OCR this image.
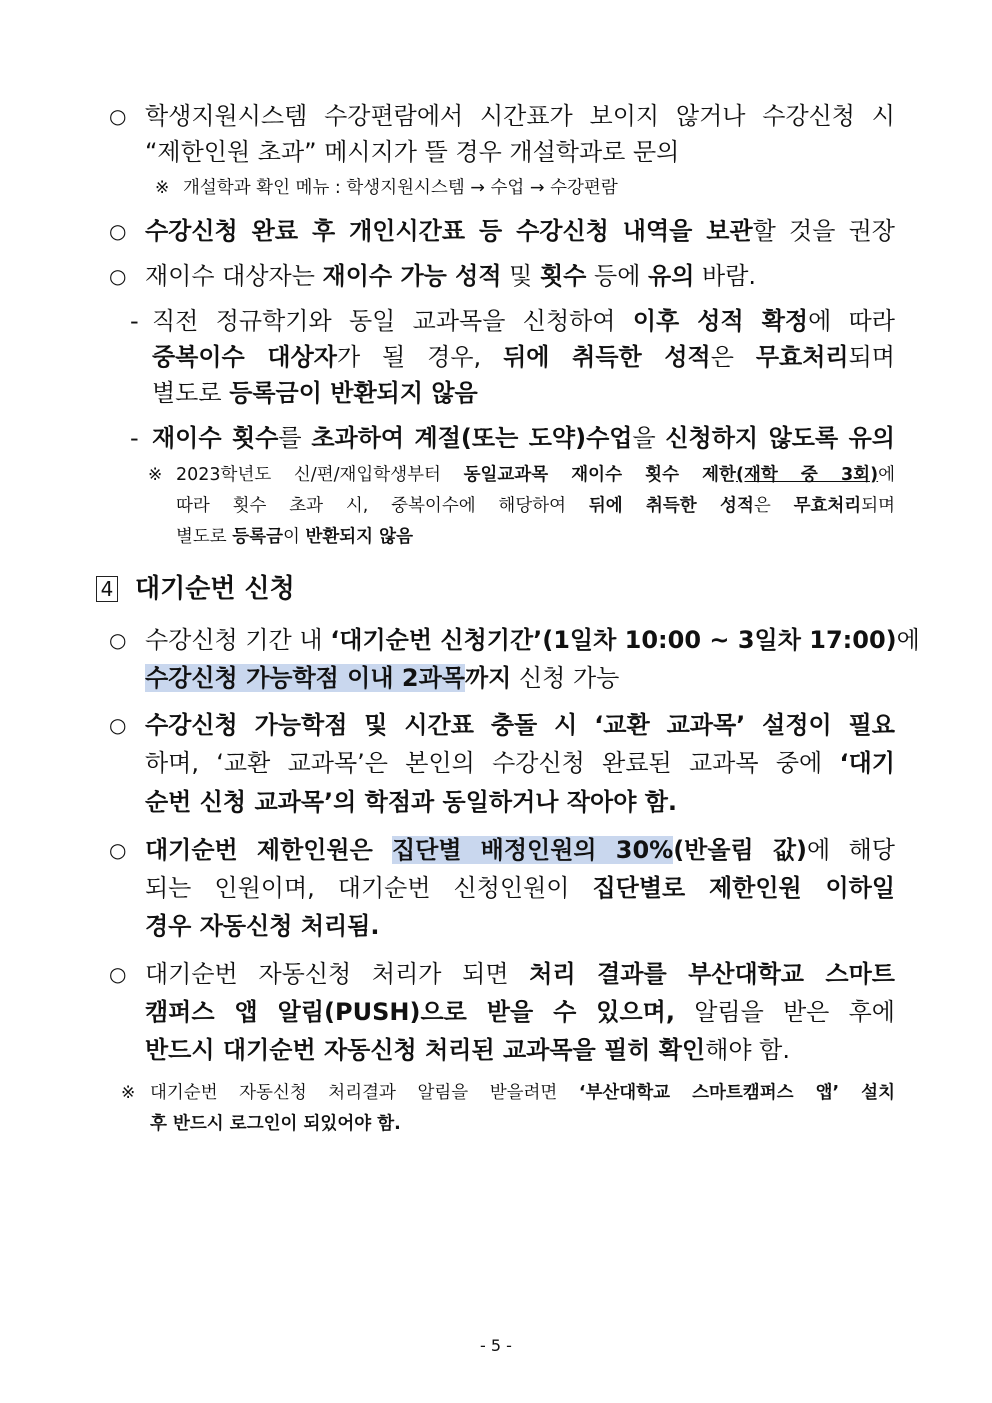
○ 학생지원시스템 수강편람에서 시간표가 보이지 않거나 수강신청 시
“제한인원 초과” 메시지가 뜰 경우 개설학과로 문의
※ 개설학과 확인 메뉴 : 학생지원시스템 → 수업 → 수강편람
○ 수강신청 완료 후 개인시간표 등 수강신청 내역을 보관할 것을 권장
○ 재이수 대상자는 재이수 가능 성적 및 횟수 등에 유의 바람.
- 직전 정규학기와 동일 교과목을 신청하여 이후 성적 확정에 따라
중복이수 대상자가 될 경우, 뒤에 취득한 성적은 무효처리되며
별도로 등록금이 반환되지 않음
- 재이수 횟수를 초과하여 계절(또는 도약)수업을 신청하지 않도록 유의
※ 2023학년도 신/편/재입학생부터 동일교과목 재이수 횟수 제한(재학 중 3회)에
따라 횟수 초과 시, 중복이수에 해당하여 뒤에 취득한 성적은 무효처리되며
별도로 등록금이 반환되지 않음
4 대기순번 신청
○ 수강신청 기간 내 ‘대기순번 신청기간’(1일차 10:00 ~ 3일차 17:00)에
수강신청 가능학점 이내 2과목까지 신청 가능
○ 수강신청 가능학점 및 시간표 충돌 시 ‘교환 교과목’ 설정이 필요
하며, ‘교환 교과목’은 본인의 수강신청 완료된 교과목 중에 ‘대기
순번 신청 교과목’의 학점과 동일하거나 작아야 함.
○ 대기순번 제한인원은 집단별 배정인원의 30%(반올림 값)에 해당
되는 인원이며, 대기순번 신청인원이 집단별로 제한인원 이하일
경우 자동신청 처리됨.
○ 대기순번 자동신청 처리가 되면 처리 결과를 부산대학교 스마트
캠퍼스 앱 알림(PUSH)으로 받을 수 있으며, 알림을 받은 후에
반드시 대기순번 자동신청 처리된 교과목을 필히 확인해야 함.
※ 대기순번 자동신청 처리결과 알림을 받을려면 ‘부산대학교 스마트캠퍼스 앱’ 설치
후 반드시 로그인이 되있어야 함.
- 5 -
